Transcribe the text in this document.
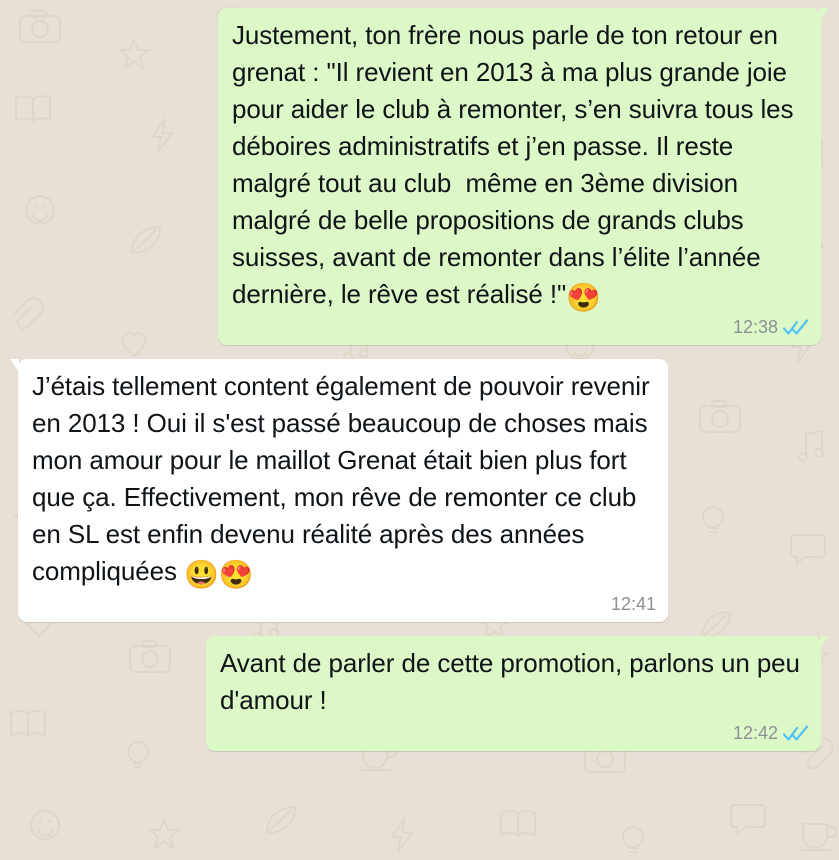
Justement, ton frère nous parle de ton retour en grenat : "Il revient en 2013 à ma plus grande joie pour aider le club à remonter, s’en suivra tous les déboires administratifs et j’en passe. Il reste malgré tout au club  même en 3ème division malgré de belle propositions de grands clubs suisses, avant de remonter dans l’élite l’année dernière, le rêve est réalisé !"😍
12:38
J’étais tellement content également de pouvoir revenir en 2013 ! Oui il s'est passé beaucoup de choses mais mon amour pour le maillot Grenat était bien plus fort que ça. Effectivement, mon rêve de remonter ce club en SL est enfin devenu réalité après des années compliquées 😃😍
12:41
Avant de parler de cette promotion, parlons un peu d'amour !
12:42
